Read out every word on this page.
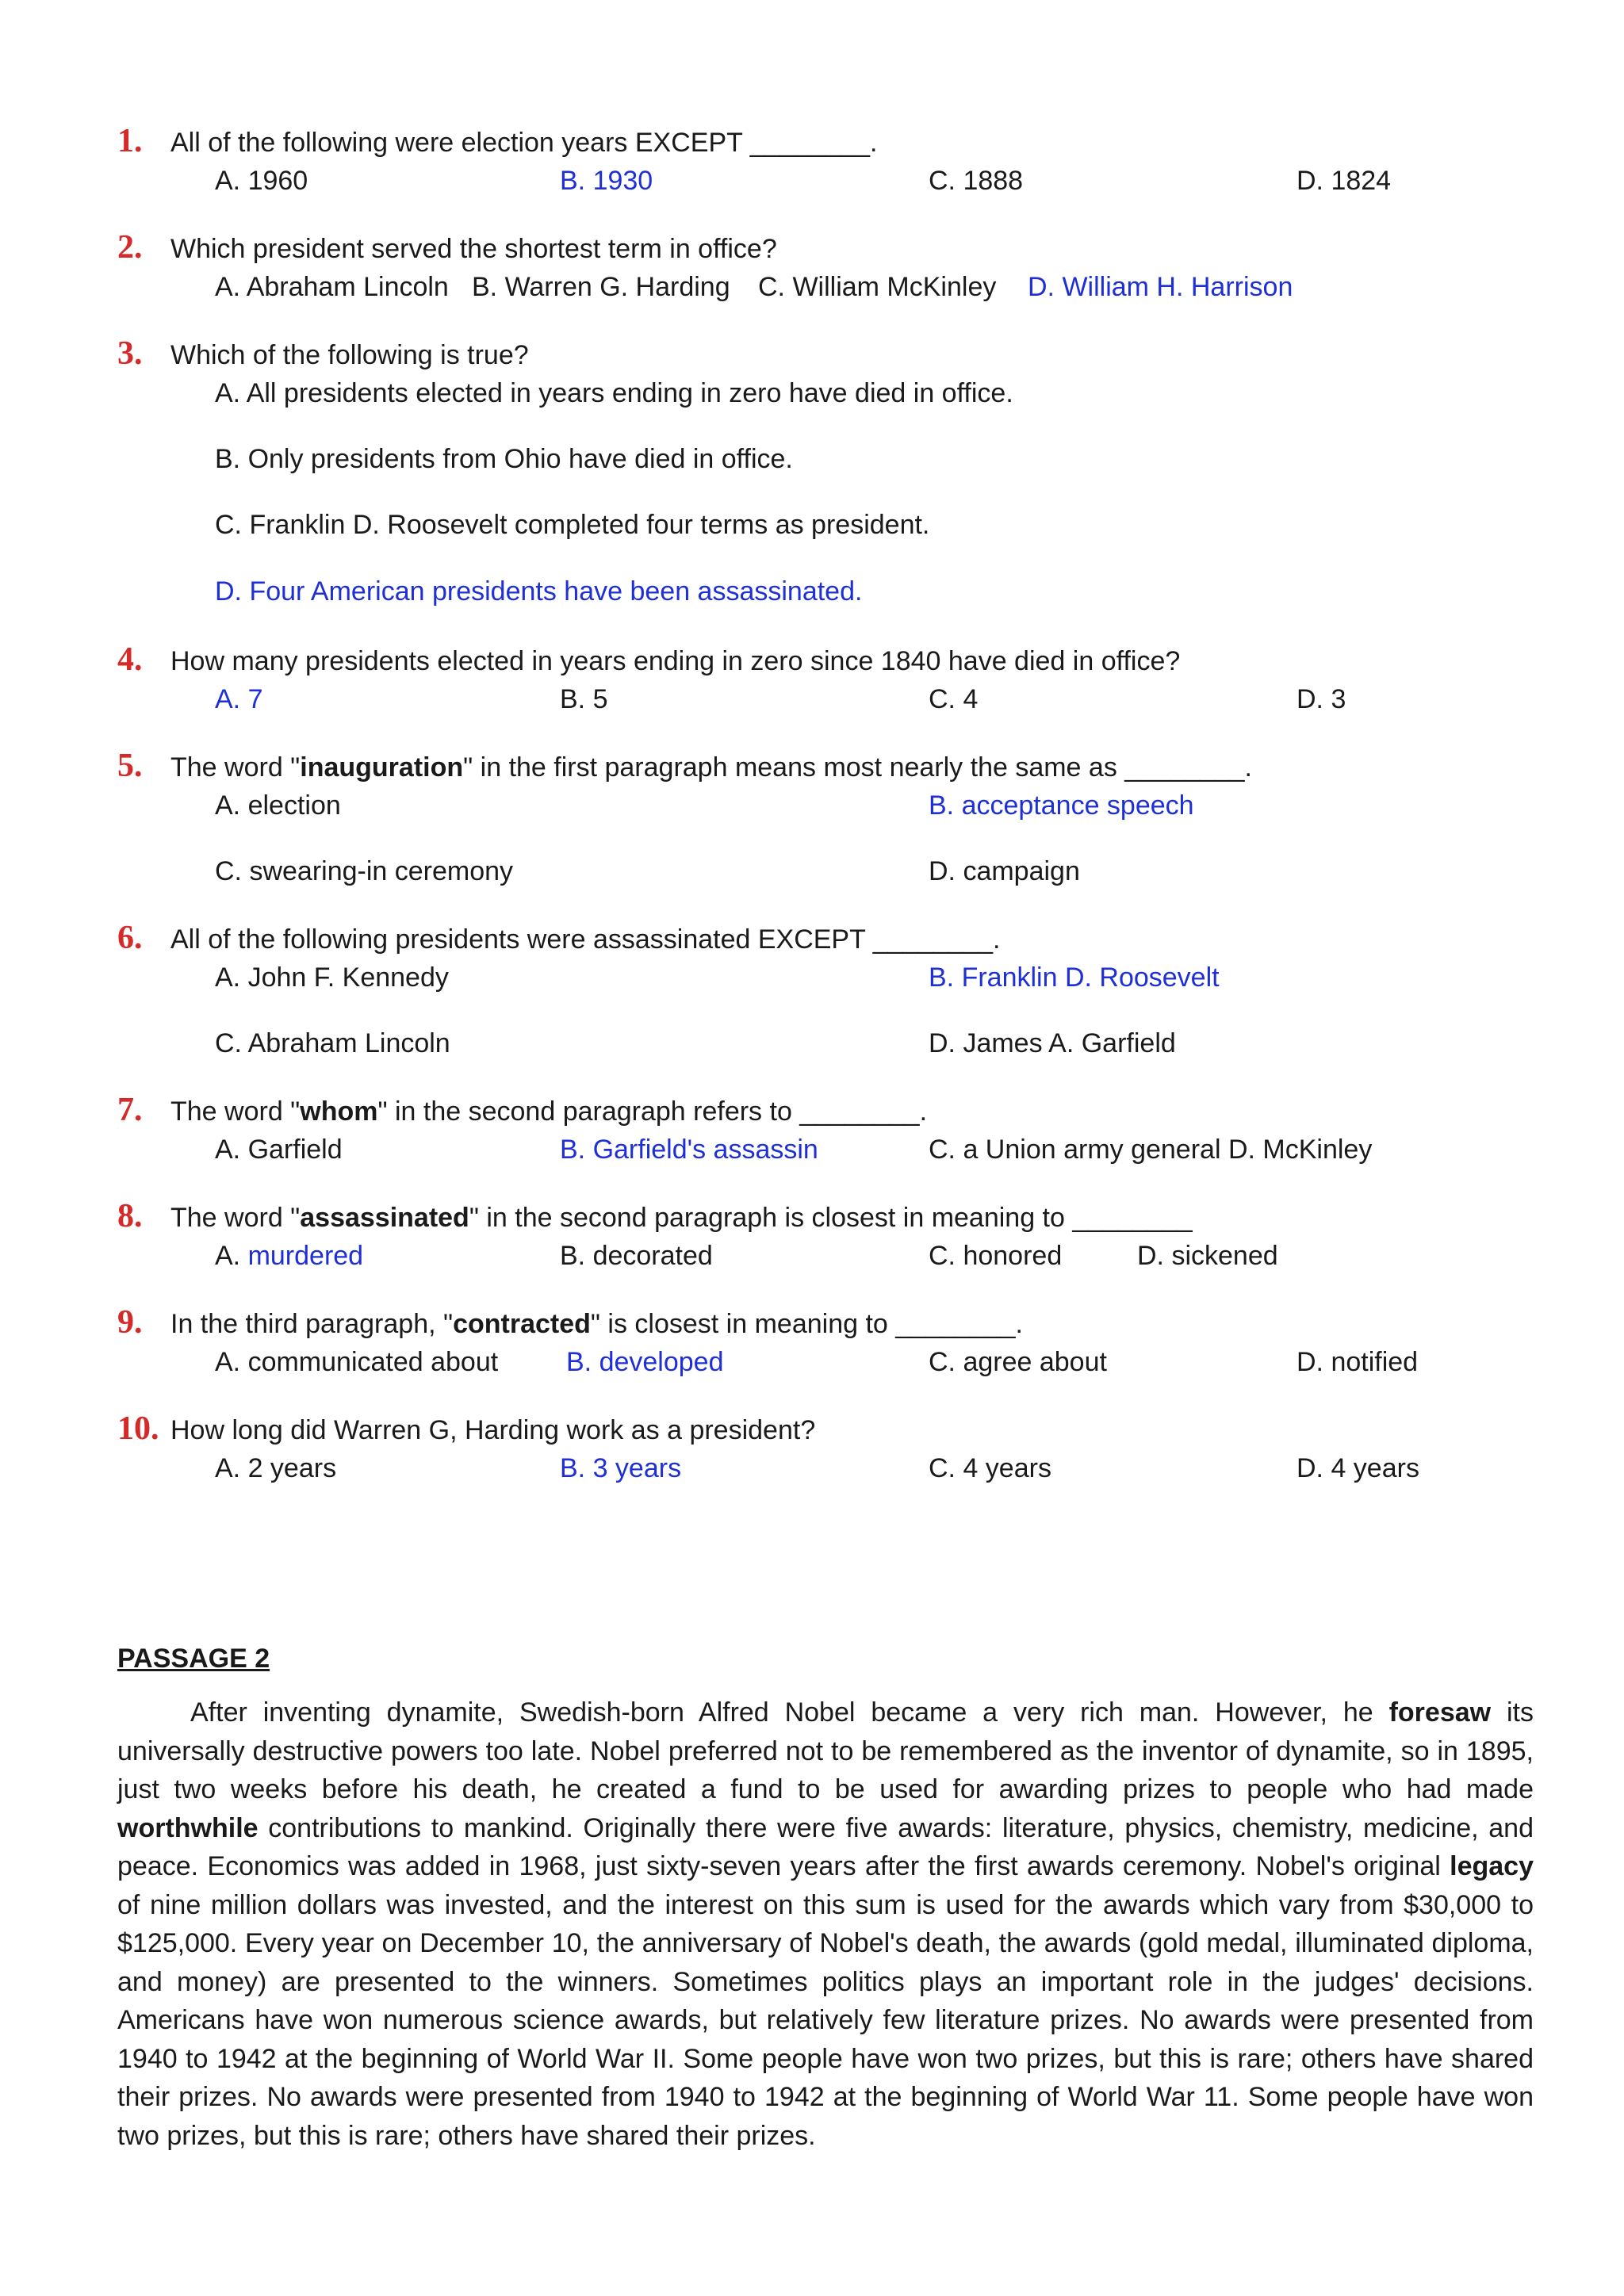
1. All of the following were election years EXCEPT ________.
A. 1960	B. 1930	C. 1888	D. 1824
2. Which president served the shortest term in office?
A. Abraham Lincoln B. Warren G. Harding C. William McKinley D. William H. Harrison
3. Which of the following is true?
A. All presidents elected in years ending in zero have died in office.
B. Only presidents from Ohio have died in office.
C. Franklin D. Roosevelt completed four terms as president.
D. Four American presidents have been assassinated.
4. How many presidents elected in years ending in zero since 1840 have died in office?
A. 7	B. 5	C. 4	D. 3
5. The word "inauguration" in the first paragraph means most nearly the same as ________.
A. election	B. acceptance speech
C. swearing-in ceremony	D. campaign
6. All of the following presidents were assassinated EXCEPT ________.
A. John F. Kennedy	B. Franklin D. Roosevelt
C. Abraham Lincoln	D. James A. Garfield
7. The word "whom" in the second paragraph refers to ________.
A. Garfield	B. Garfield's assassin	C. a Union army general D. McKinley
8. The word "assassinated" in the second paragraph is closest in meaning to ________
A. murdered	B. decorated	C. honored	D. sickened
9. In the third paragraph, "contracted" is closest in meaning to ________.
A. communicated about	B. developed	C. agree about	D. notified
10. How long did Warren G, Harding work as a president?
A. 2 years	B. 3 years	C. 4 years	D. 4 years
PASSAGE 2

After inventing dynamite, Swedish-born Alfred Nobel became a very rich man. However, he foresaw its universally destructive powers too late. Nobel preferred not to be remembered as the inventor of dynamite, so in 1895, just two weeks before his death, he created a fund to be used for awarding prizes to people who had made worthwhile contributions to mankind. Originally there were five awards: literature, physics, chemistry, medicine, and peace. Economics was added in 1968, just sixty-seven years after the first awards ceremony. Nobel's original legacy of nine million dollars was invested, and the interest on this sum is used for the awards which vary from $30,000 to $125,000. Every year on December 10, the anniversary of Nobel's death, the awards (gold medal, illuminated diploma, and money) are presented to the winners. Sometimes politics plays an important role in the judges' decisions. Americans have won numerous science awards, but relatively few literature prizes. No awards were presented from 1940 to 1942 at the beginning of World War II. Some people have won two prizes, but this is rare; others have shared their prizes. No awards were presented from 1940 to 1942 at the beginning of World War 11. Some people have won two prizes, but this is rare; others have shared their prizes.
